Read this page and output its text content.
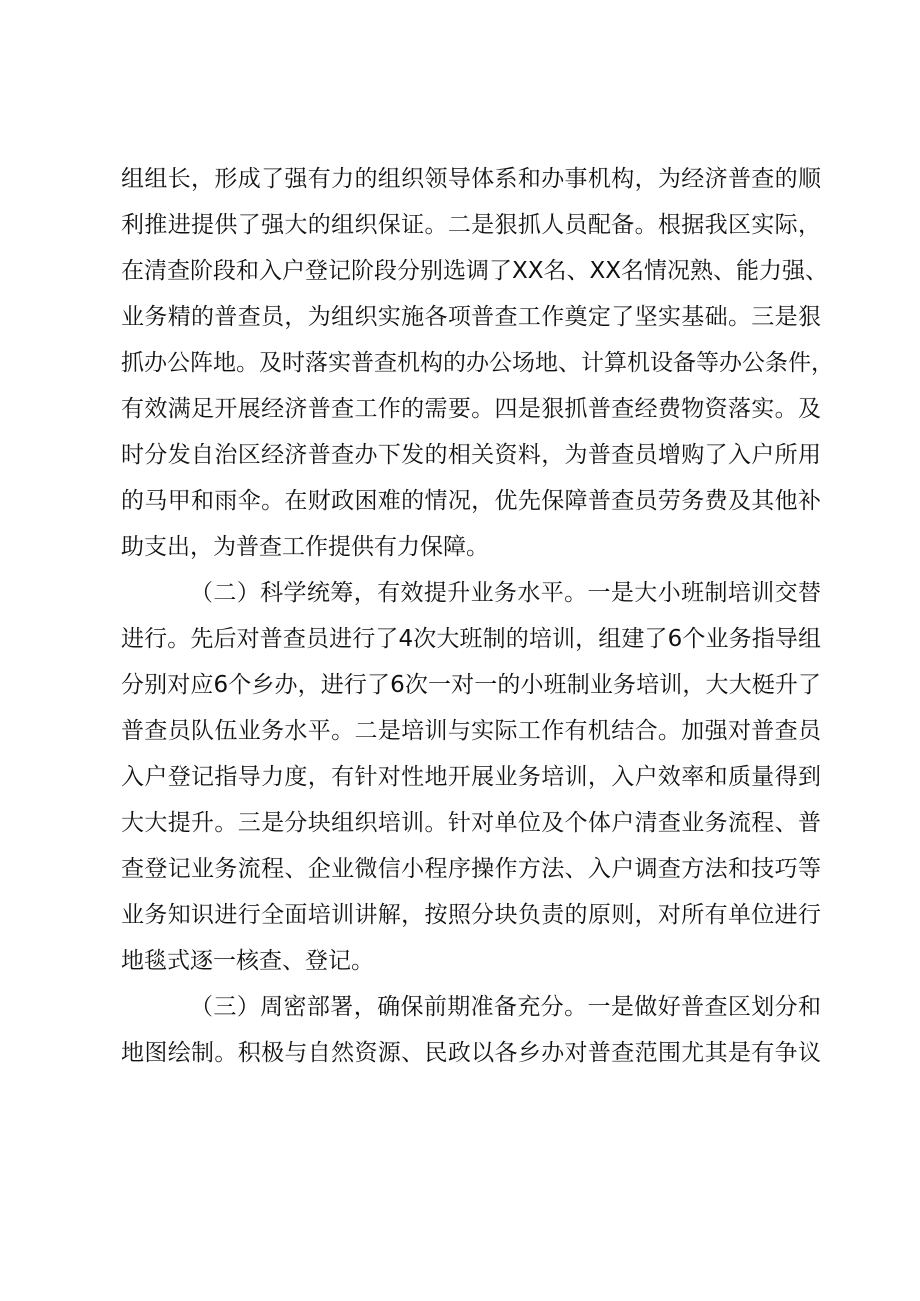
组组长，形成了强有力的组织领导体系和办事机构，为经济普查的顺
利推进提供了强大的组织保证。二是狠抓人员配备。根据我区实际，
在清查阶段和入户登记阶段分别选调了XX名、XX名情况熟、能力强、
业务精的普查员，为组织实施各项普查工作奠定了坚实基础。三是狠
抓办公阵地。及时落实普查机构的办公场地、计算机设备等办公条件，
有效满足开展经济普查工作的需要。四是狠抓普查经费物资落实。及
时分发自治区经济普查办下发的相关资料，为普查员增购了入户所用
的马甲和雨伞。在财政困难的情况，优先保障普查员劳务费及其他补
助支出，为普查工作提供有力保障。
（二）科学统筹，有效提升业务水平。一是大小班制培训交替
进行。先后对普查员进行了4次大班制的培训，组建了6个业务指导组
分别对应6个乡办，进行了6次一对一的小班制业务培训，大大梃升了
普查员队伍业务水平。二是培训与实际工作有机结合。加强对普查员
入户登记指导力度，有针对性地开展业务培训，入户效率和质量得到
大大提升。三是分块组织培训。针对单位及个体户清查业务流程、普
查登记业务流程、企业微信小程序操作方法、入户调查方法和技巧等
业务知识进行全面培训讲解，按照分块负责的原则，对所有单位进行
地毯式逐一核查、登记。
（三）周密部署，确保前期准备充分。一是做好普查区划分和
地图绘制。积极与自然资源、民政以各乡办对普查范围尤其是有争议
